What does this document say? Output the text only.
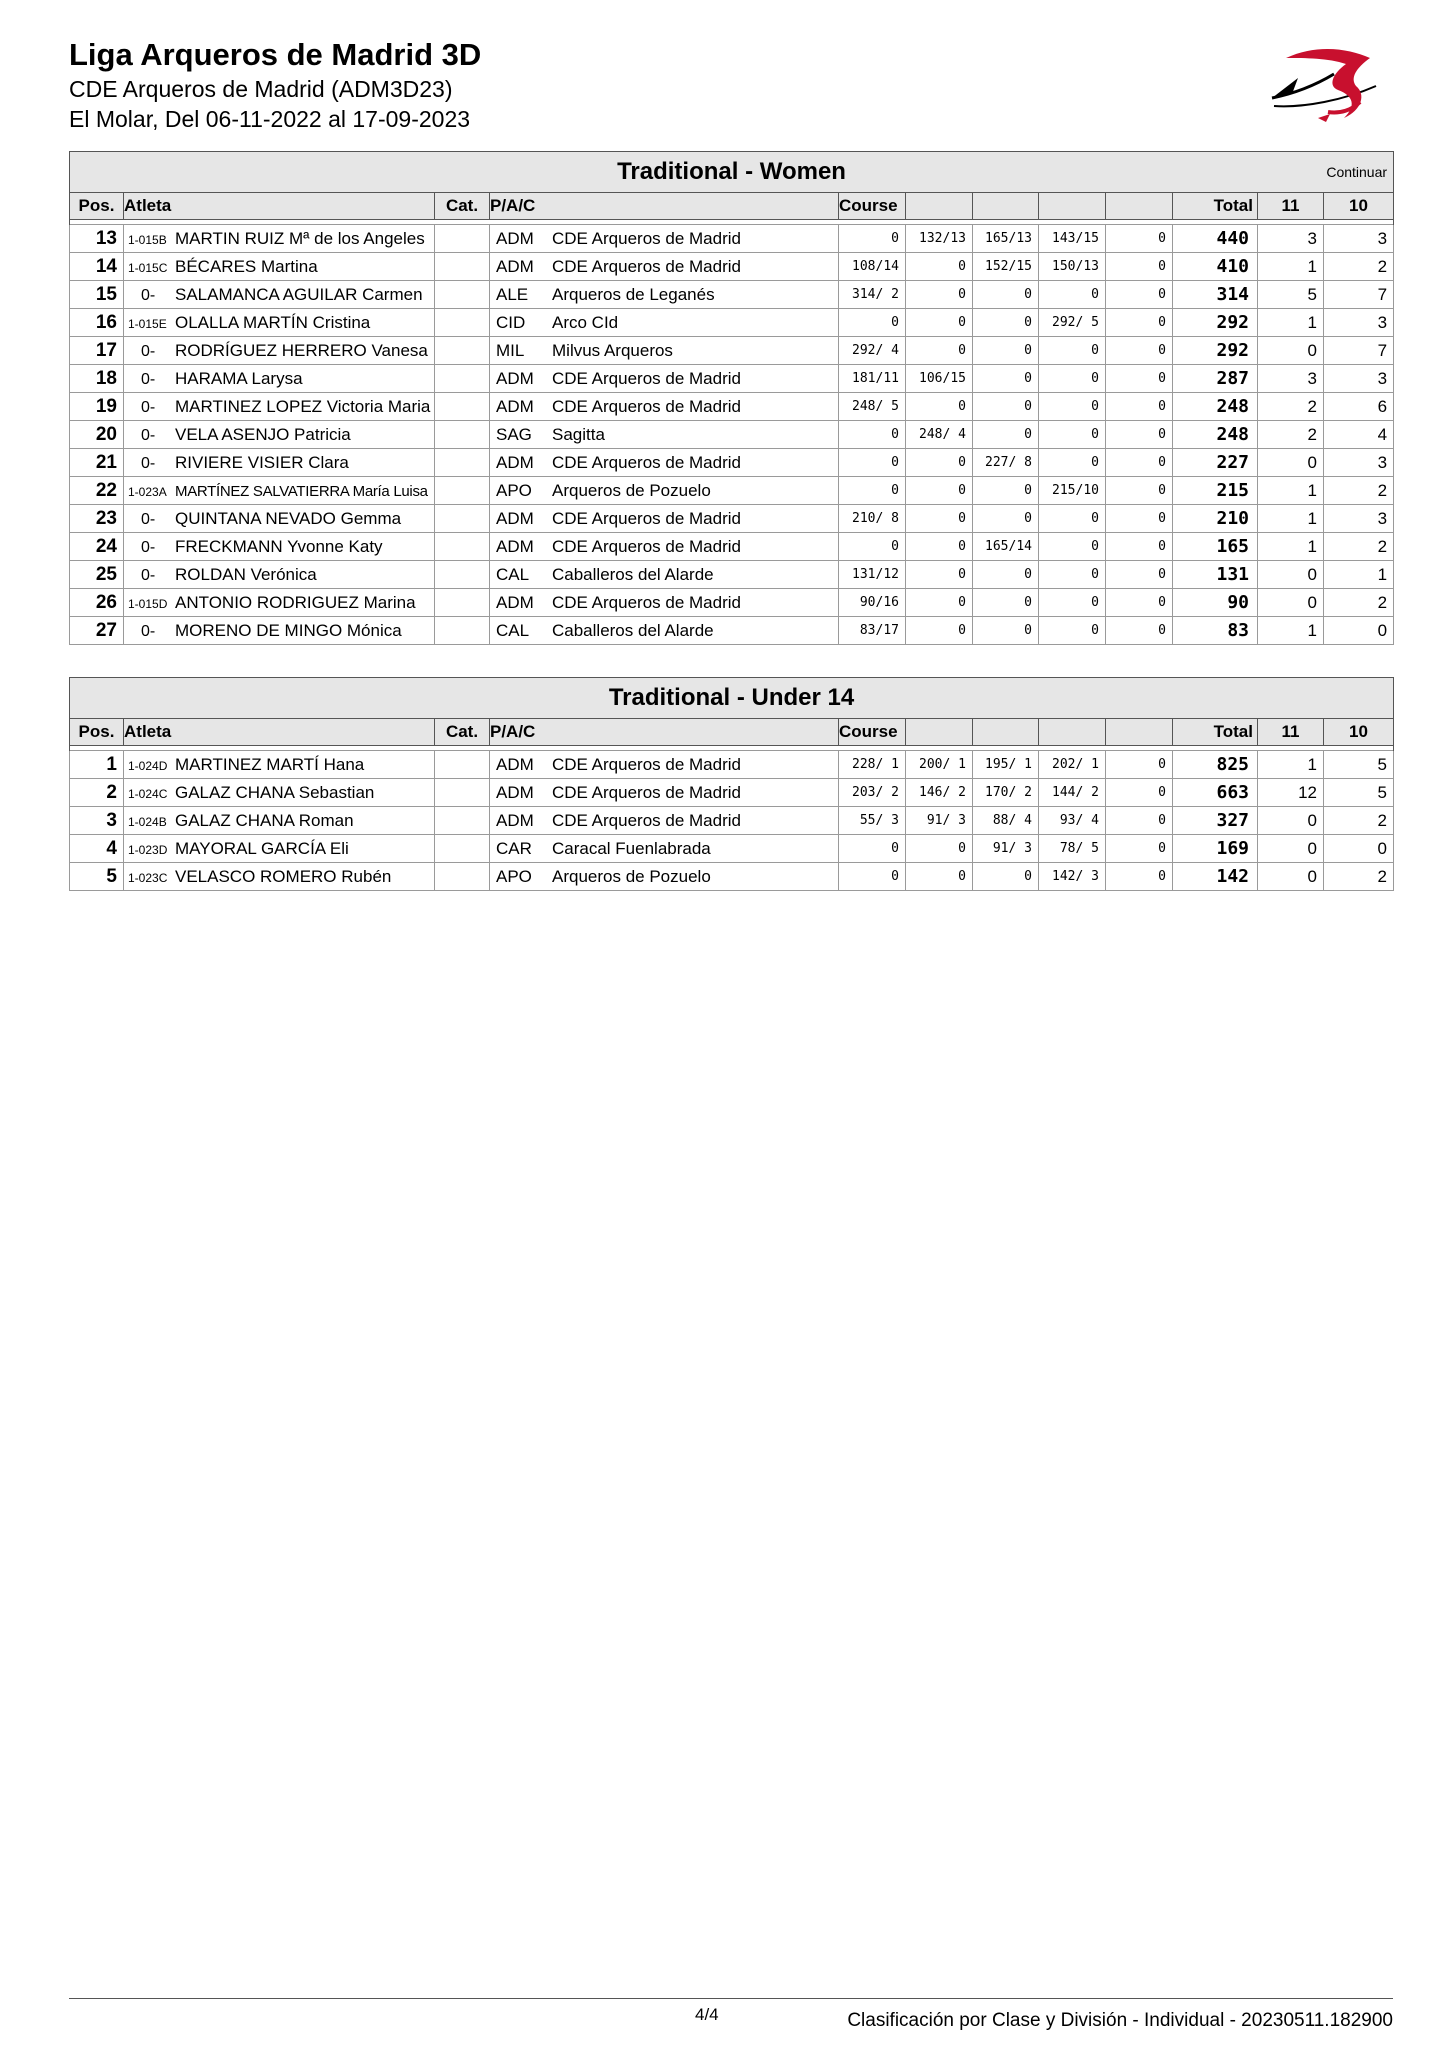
Liga Arqueros de Madrid 3D
CDE Arqueros de Madrid (ADM3D23)
El Molar, Del 06-11-2022 al 17-09-2023
Traditional - Women Continuar											

Pos.	Atleta	Cat.	P/A/C	Course					Total	11	10

13	1-015B MARTIN RUIZ Mª de los Angeles		ADM CDE Arqueros de Madrid	0	132/13	165/13	143/15	0	440	3	3
14	1-015C BÉCARES Martina		ADM CDE Arqueros de Madrid	108/14	0	152/15	150/13	0	410	1	2
15	0- SALAMANCA AGUILAR Carmen		ALE Arqueros de Leganés	314/ 2	0	0	0	0	314	5	7
16	1-015E OLALLA MARTÍN Cristina		CID Arco CId	0	0	0	292/ 5	0	292	1	3
17	0- RODRÍGUEZ HERRERO Vanesa		MIL Milvus Arqueros	292/ 4	0	0	0	0	292	0	7
18	0- HARAMA Larysa		ADM CDE Arqueros de Madrid	181/11	106/15	0	0	0	287	3	3
19	0- MARTINEZ LOPEZ Victoria Maria		ADM CDE Arqueros de Madrid	248/ 5	0	0	0	0	248	2	6
20	0- VELA ASENJO Patricia		SAG Sagitta	0	248/ 4	0	0	0	248	2	4
21	0- RIVIERE VISIER Clara		ADM CDE Arqueros de Madrid	0	0	227/ 8	0	0	227	0	3
22	1-023A MARTÍNEZ SALVATIERRA María Luisa		APO Arqueros de Pozuelo	0	0	0	215/10	0	215	1	2
23	0- QUINTANA NEVADO Gemma		ADM CDE Arqueros de Madrid	210/ 8	0	0	0	0	210	1	3
24	0- FRECKMANN Yvonne Katy		ADM CDE Arqueros de Madrid	0	0	165/14	0	0	165	1	2
25	0- ROLDAN Verónica		CAL Caballeros del Alarde	131/12	0	0	0	0	131	0	1
26	1-015D ANTONIO RODRIGUEZ Marina		ADM CDE Arqueros de Madrid	90/16	0	0	0	0	90	0	2
27	0- MORENO DE MINGO Mónica		CAL Caballeros del Alarde	83/17	0	0	0	0	83	1	0
Traditional - Under 14											
Pos.	Atleta	Cat.	P/A/C	Course					Total	11	10

1	1-024D MARTINEZ MARTÍ Hana		ADM CDE Arqueros de Madrid	228/ 1	200/ 1	195/ 1	202/ 1	0	825	1	5
2	1-024C GALAZ CHANA Sebastian		ADM CDE Arqueros de Madrid	203/ 2	146/ 2	170/ 2	144/ 2	0	663	12	5
3	1-024B GALAZ CHANA Roman		ADM CDE Arqueros de Madrid	55/ 3	91/ 3	88/ 4	93/ 4	0	327	0	2
4	1-023D MAYORAL GARCÍA Eli		CAR Caracal Fuenlabrada	0	0	91/ 3	78/ 5	0	169	0	0
5	1-023C VELASCO ROMERO Rubén		APO Arqueros de Pozuelo	0	0	0	142/ 3	0	142	0	2
4/4	Clasificación por Clase y División - Individual - 20230511.182900
